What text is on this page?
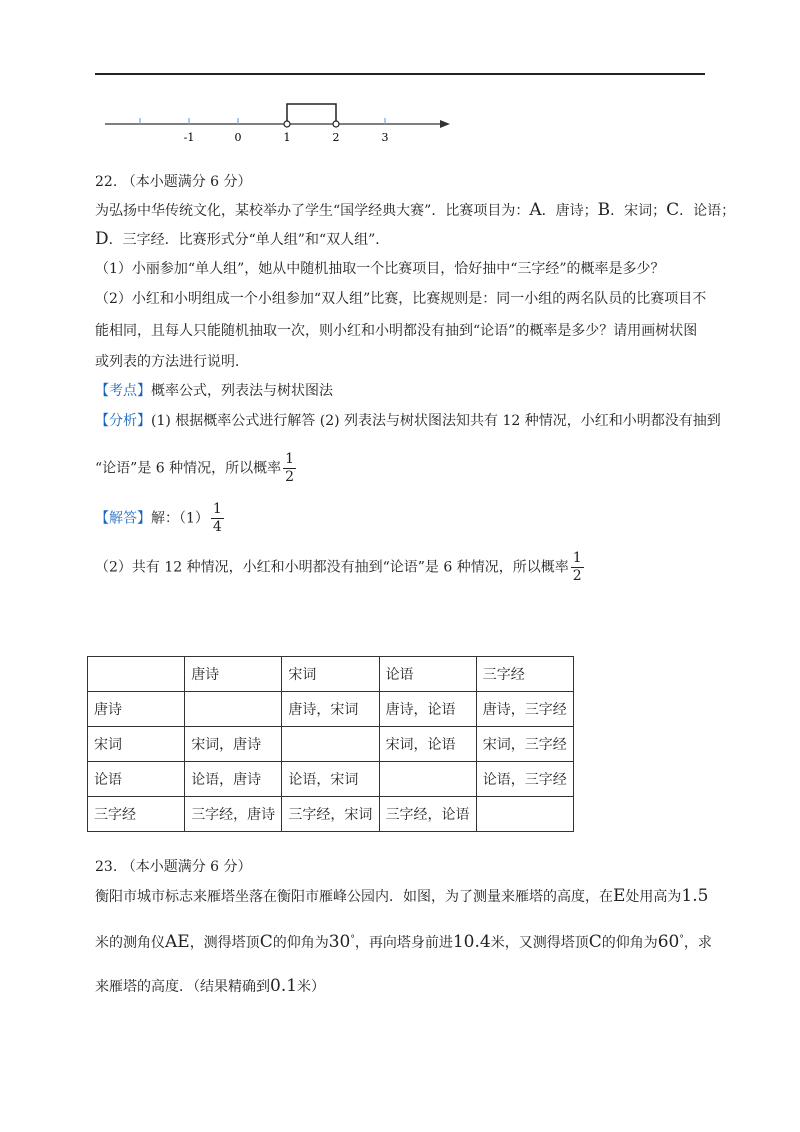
-1	0	1	2	3
22. （本小题满分 6 分）
为弘扬中华传统文化，某校举办了学生“国学经典大赛”．比赛项目为：A．唐诗；B．宋词；C．论语；
D．三字经．比赛形式分“单人组”和“双人组”．
（1）小丽参加“单人组”，她从中随机抽取一个比赛项目，恰好抽中“三字经”的概率是多少？
（2）小红和小明组成一个小组参加“双人组”比赛，比赛规则是：同一小组的两名队员的比赛项目不
能相同，且每人只能随机抽取一次，则小红和小明都没有抽到“论语”的概率是多少？请用画树状图
或列表的方法进行说明．
【考点】概率公式，列表法与树状图法
【分析】(1) 根据概率公式进行解答 (2) 列表法与树状图法知共有 12 种情况，小红和小明都没有抽到
“论语”是 6 种情况，所以概率 $\frac{1}{2}$
【解答】解：$(1) \frac{1}{4}$
（2）共有 12 种情况，小红和小明都没有抽到“论语”是 6 种情况，所以概率 $\frac{1}{2}$
	唐诗	宋词	论语	三字经
唐诗		唐诗，宋词	唐诗，论语	唐诗，三字经
宋词	宋词，唐诗		宋词，论语	宋词，三字经
论语	论语，唐诗	论语，宋词		论语，三字经
三字经	三字经，唐诗	三字经，宋词	三字经，论语	
23. （本小题满分 6 分）
衡阳市城市标志来雁塔坐落在衡阳市雁峰公园内．如图，为了测量来雁塔的高度，在E处用高为1.5
米的测角仪AE，测得塔顶C的仰角为30°，再向塔身前进10.4米，又测得塔顶C的仰角为60°，求
来雁塔的高度．（结果精确到0.1米）
